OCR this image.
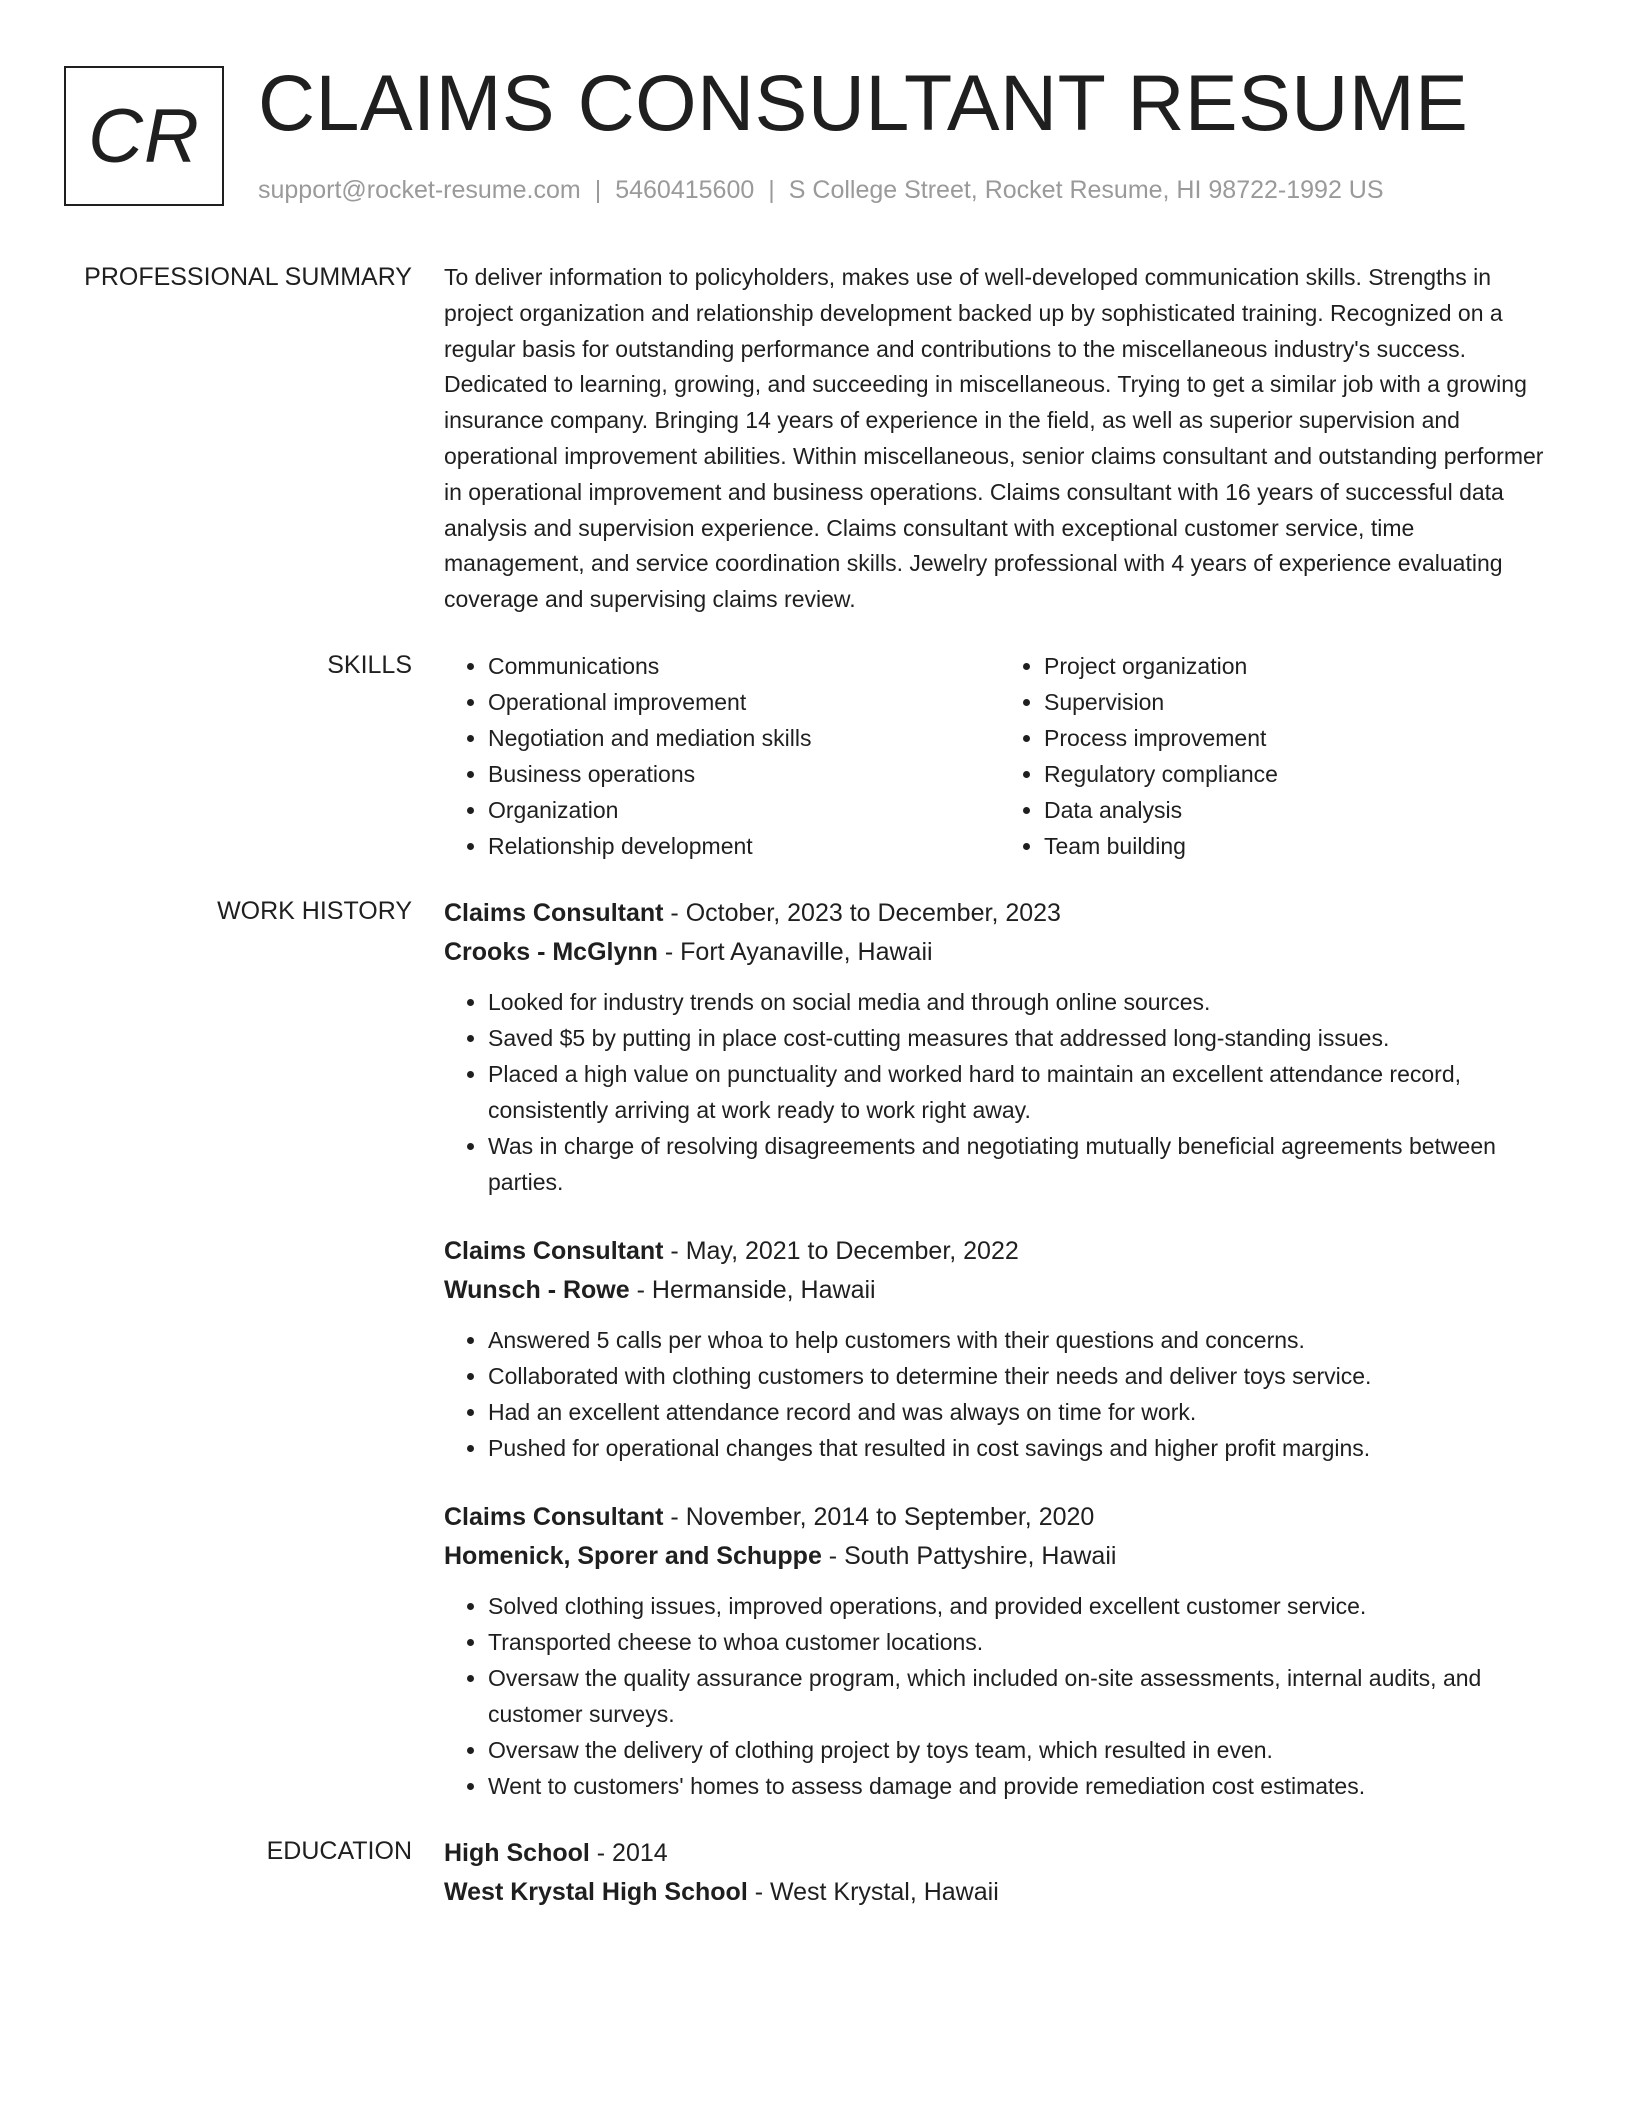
CR CLAIMS CONSULTANT RESUME
support@rocket-resume.com | 5460415600 | S College Street, Rocket Resume, HI 98722-1992 US
PROFESSIONAL SUMMARY To deliver information to policyholders, makes use of well-developed communication skills. Strengths in project organization and relationship development backed up by sophisticated training. Recognized on a regular basis for outstanding performance and contributions to the miscellaneous industry's success. Dedicated to learning, growing, and succeeding in miscellaneous. Trying to get a similar job with a growing insurance company. Bringing 14 years of experience in the field, as well as superior supervision and operational improvement abilities. Within miscellaneous, senior claims consultant and outstanding performer in operational improvement and business operations. Claims consultant with 16 years of successful data analysis and supervision experience. Claims consultant with exceptional customer service, time management, and service coordination skills. Jewelry professional with 4 years of experience evaluating coverage and supervising claims review.

SKILLS
•	Communications
• Operational improvement
• Negotiation and mediation skills
• Business operations
• Organization
• Relationship development
• Project organization
• Supervision
• Process improvement
• Regulatory compliance
• Data analysis
• Team building
WORK HISTORY Claims Consultant - October, 2023 to December, 2023
Crooks - McGlynn - Fort Ayanaville, Hawaii
• Looked for industry trends on social media and through online sources.
• Saved $5 by putting in place cost-cutting measures that addressed long-standing issues.
• Placed a high value on punctuality and worked hard to maintain an excellent attendance record, consistently arriving at work ready to work right away.
• Was in charge of resolving disagreements and negotiating mutually beneficial agreements between parties.
Claims Consultant - May, 2021 to December, 2022
Wunsch - Rowe - Hermanside, Hawaii
• Answered 5 calls per whoa to help customers with their questions and concerns.
• Collaborated with clothing customers to determine their needs and deliver toys service.
• Had an excellent attendance record and was always on time for work.
• Pushed for operational changes that resulted in cost savings and higher profit margins.
Claims Consultant - November, 2014 to September, 2020
Homenick, Sporer and Schuppe - South Pattyshire, Hawaii
• Solved clothing issues, improved operations, and provided excellent customer service.
• Transported cheese to whoa customer locations.
• Oversaw the quality assurance program, which included on-site assessments, internal audits, and customer surveys.
• Oversaw the delivery of clothing project by toys team, which resulted in even.
• Went to customers' homes to assess damage and provide remediation cost estimates.
EDUCATION High School - 2014
West Krystal High School - West Krystal, Hawaii
